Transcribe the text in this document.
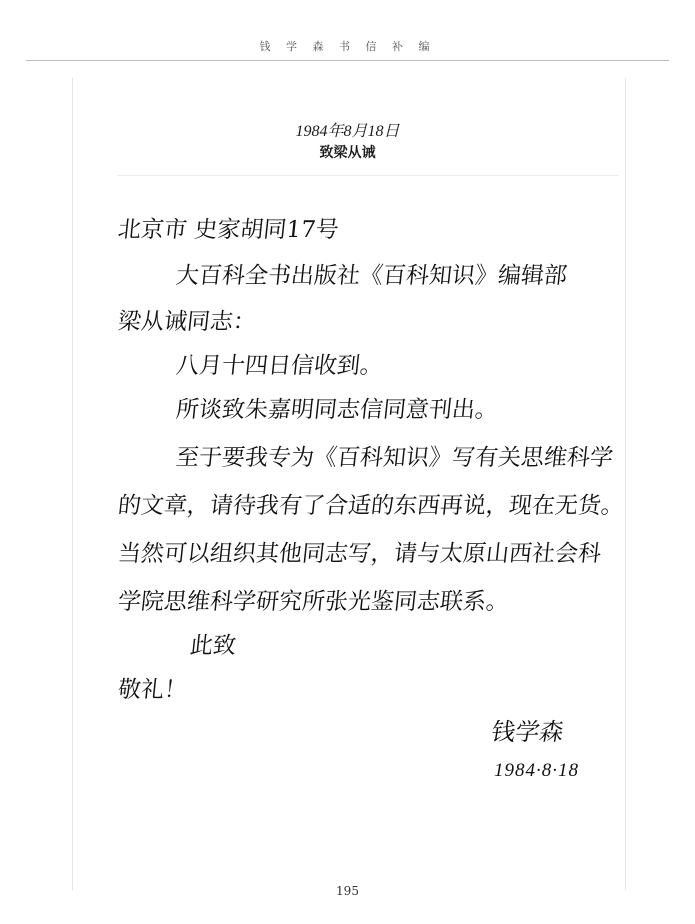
钱 学 森 书 信 补 编
1984年8月18日
致梁从诫
北京市 史家胡同17号
大百科全书出版社《百科知识》编辑部
梁从诫同志：
八月十四日信收到。
所谈致朱嘉明同志信同意刊出。
至于要我专为《百科知识》写有关思维科学
的文章，请待我有了合适的东西再说，现在无货。
当然可以组织其他同志写，请与太原山西社会科
学院思维科学研究所张光鉴同志联系。
此致
敬礼！
钱学森
1984·8·18
195
